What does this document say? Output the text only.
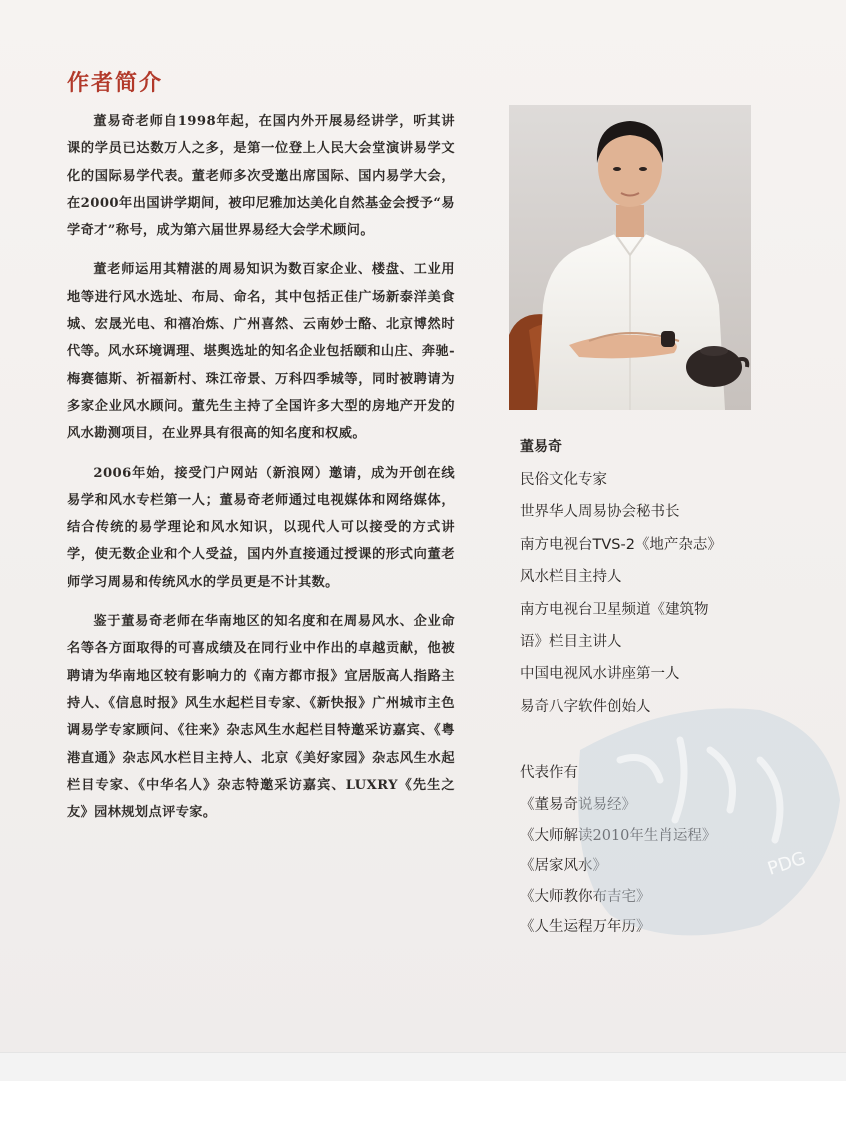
作者简介

董易奇老师自1998年起，在国内外开展易经讲学，听其讲课的学员已达数万人之多，是第一位登上人民大会堂演讲易学文化的国际易学代表。董老师多次受邀出席国际、国内易学大会，在2000年出国讲学期间，被印尼雅加达美化自然基金会授予“易学奇才”称号，成为第六届世界易经大会学术顾问。

董老师运用其精湛的周易知识为数百家企业、楼盘、工业用地等进行风水选址、布局、命名，其中包括正佳广场新泰洋美食城、宏晟光电、和禧冶炼、广州喜然、云南妙士酪、北京博然时代等。风水环境调理、堪舆选址的知名企业包括颐和山庄、奔驰-梅赛德斯、祈福新村、珠江帝景、万科四季城等，同时被聘请为多家企业风水顾问。董先生主持了全国许多大型的房地产开发的风水勘测项目，在业界具有很高的知名度和权威。

2006年始，接受门户网站（新浪网）邀请，成为开创在线易学和风水专栏第一人；董易奇老师通过电视媒体和网络媒体，结合传统的易学理论和风水知识，以现代人可以接受的方式讲学，使无数企业和个人受益，国内外直接通过授课的形式向董老师学习周易和传统风水的学员更是不计其数。

鉴于董易奇老师在华南地区的知名度和在周易风水、企业命名等各方面取得的可喜成绩及在同行业中作出的卓越贡献，他被聘请为华南地区较有影响力的《南方都市报》宜居版高人指路主持人、《信息时报》风生水起栏目专家、《新快报》广州城市主色调易学专家顾问、《往来》杂志风生水起栏目特邀采访嘉宾、《粤港直通》杂志风水栏目主持人、北京《美好家园》杂志风生水起栏目专家、《中华名人》杂志特邀采访嘉宾、LUXRY《先生之友》园林规划点评专家。

董易奇
民俗文化专家
世界华人周易协会秘书长
南方电视台TVS-2《地产杂志》
风水栏目主持人
南方电视台卫星频道《建筑物
语》栏目主讲人
中国电视风水讲座第一人
易奇八字软件创始人
代表作有
《董易奇说易经》
《大师解读2010年生肖运程》
《居家风水》
《大师教你布吉宅》
《人生运程万年历》
PDG
